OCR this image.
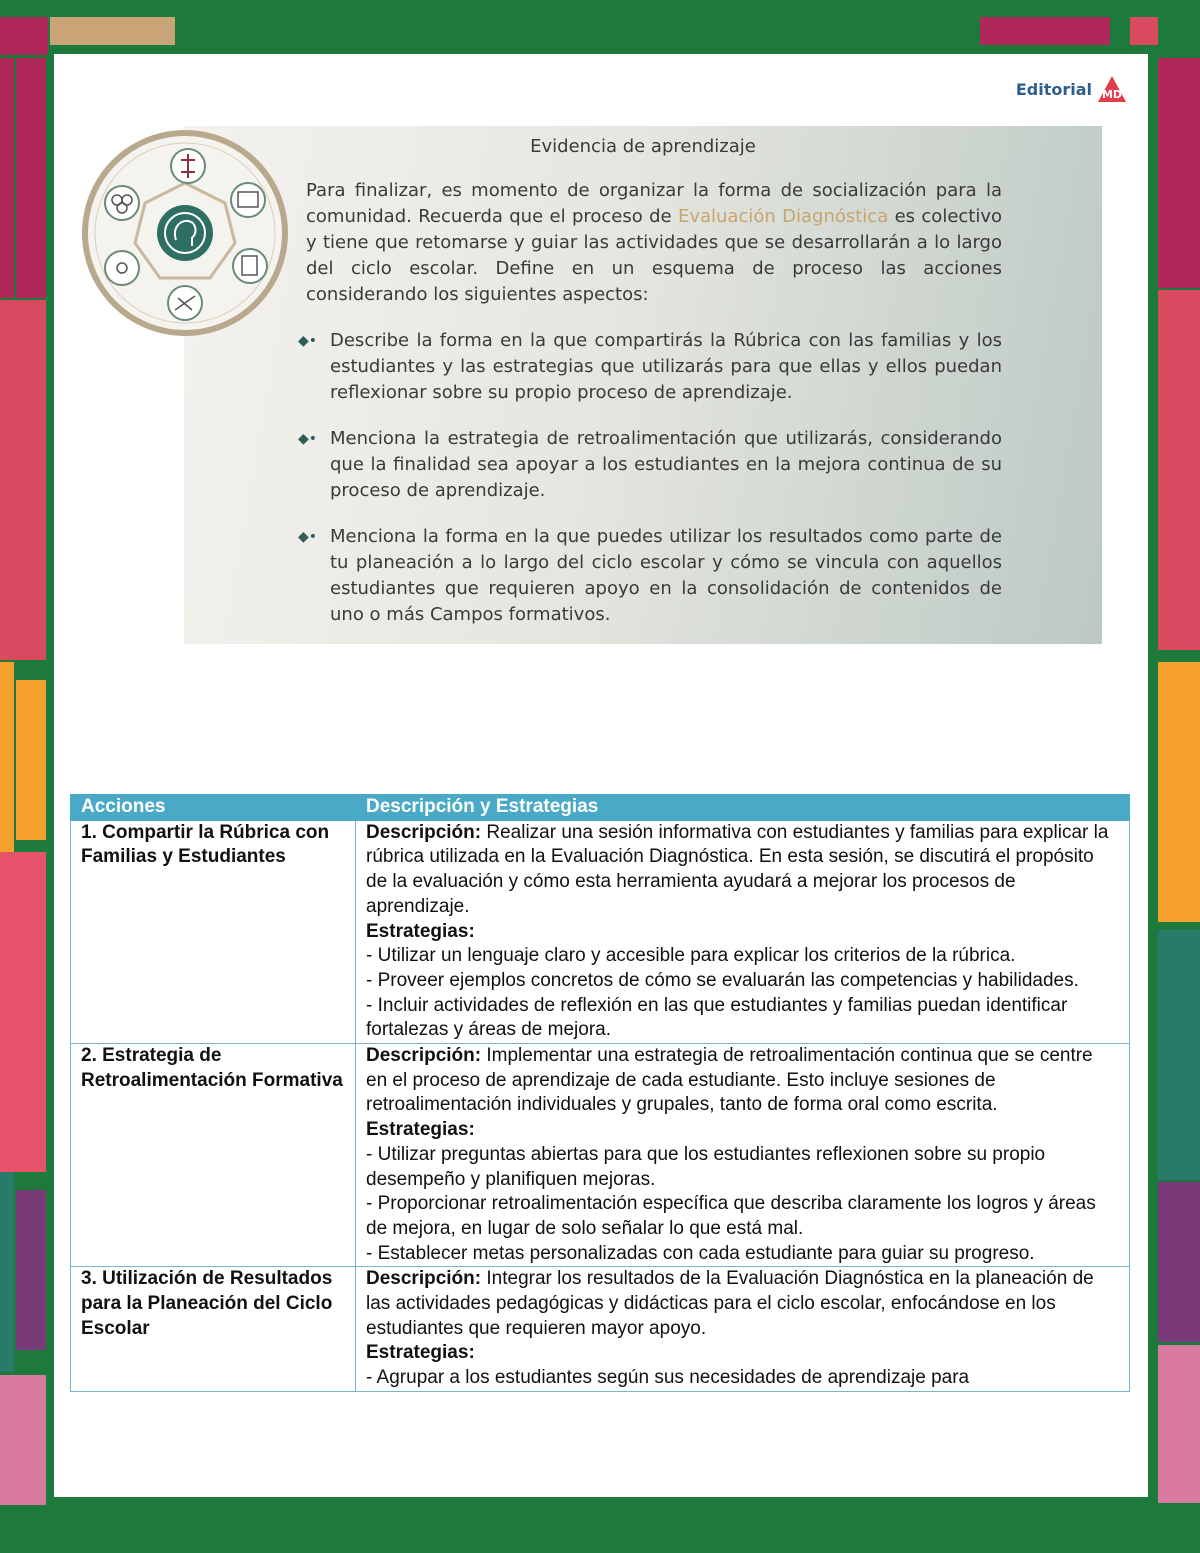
Editorial MD
Evidencia de aprendizaje

Para finalizar, es momento de organizar la forma de socialización para la comunidad. Recuerda que el proceso de Evaluación Diagnóstica es colectivo y tiene que retomarse y guiar las actividades que se desarrollarán a lo largo del ciclo escolar. Define en un esquema de proceso las acciones considerando los siguientes aspectos:

◆• Describe la forma en la que compartirás la Rúbrica con las familias y los estudiantes y las estrategias que utilizarás para que ellas y ellos puedan reflexionar sobre su propio proceso de aprendizaje.
◆• Menciona la estrategia de retroalimentación que utilizarás, considerando que la finalidad sea apoyar a los estudiantes en la mejora continua de su proceso de aprendizaje.
◆• Menciona la forma en la que puedes utilizar los resultados como parte de tu planeación a lo largo del ciclo escolar y cómo se vincula con aquellos estudiantes que requieren apoyo en la consolidación de contenidos de uno o más Campos formativos.
Acciones	Descripción y Estrategias
1. Compartir la Rúbrica con Familias y Estudiantes	Descripción: Realizar una sesión informativa con estudiantes y familias para explicar la rúbrica utilizada en la Evaluación Diagnóstica. En esta sesión, se discutirá el propósito de la evaluación y cómo esta herramienta ayudará a mejorar los procesos de aprendizaje.
Estrategias:
- Utilizar un lenguaje claro y accesible para explicar los criterios de la rúbrica.
- Proveer ejemplos concretos de cómo se evaluarán las competencias y habilidades.
- Incluir actividades de reflexión en las que estudiantes y familias puedan identificar fortalezas y áreas de mejora.

2. Estrategia de Retroalimentación Formativa	Descripción: Implementar una estrategia de retroalimentación continua que se centre en el proceso de aprendizaje de cada estudiante. Esto incluye sesiones de retroalimentación individuales y grupales, tanto de forma oral como escrita.
Estrategias:
- Utilizar preguntas abiertas para que los estudiantes reflexionen sobre su propio desempeño y planifiquen mejoras.
- Proporcionar retroalimentación específica que describa claramente los logros y áreas de mejora, en lugar de solo señalar lo que está mal.
- Establecer metas personalizadas con cada estudiante para guiar su progreso.

3. Utilización de Resultados para la Planeación del Ciclo Escolar	Descripción: Integrar los resultados de la Evaluación Diagnóstica en la planeación de las actividades pedagógicas y didácticas para el ciclo escolar, enfocándose en los estudiantes que requieren mayor apoyo.
Estrategias:
- Agrupar a los estudiantes según sus necesidades de aprendizaje para
